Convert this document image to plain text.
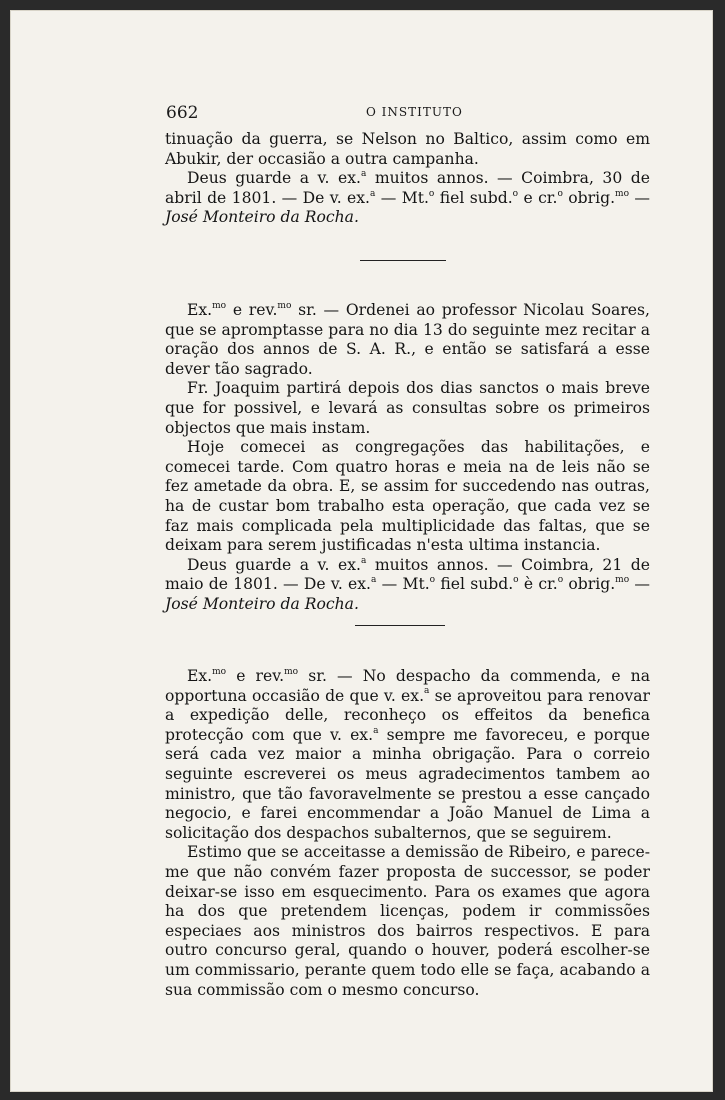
662	O INSTITUTO

tinuação da guerra, se Nelson no Baltico, assim como em Abukir, der occasião a outra campanha.

Deus guarde a v. ex.$^a$ muitos annos. — Coimbra, 30 de abril de 1801. — De v. ex.$^a$ — Mt.$^o$ fiel subd.$^o$ e cr.$^o$ obrig.$^{mo}$ — José Monteiro da Rocha.

Ex.$^{mo}$ e rev.$^{mo}$ sr. — Ordenei ao professor Nicolau Soares, que se apromptasse para no dia 13 do seguinte mez recitar a oração dos annos de S. A. R., e então se satisfará a esse dever tão sagrado.

Fr. Joaquim partirá depois dos dias sanctos o mais breve que for possivel, e levará as consultas sobre os primeiros objectos que mais instam.

Hoje comecei as congregações das habilitações, e comecei tarde. Com quatro horas e meia na de leis não se fez ametade da obra. E, se assim for succedendo nas outras, ha de custar bom trabalho esta operação, que cada vez se faz mais complicada pela multiplicidade das faltas, que se deixam para serem justificadas n'esta ultima instancia.

Deus guarde a v. ex.$^a$ muitos annos. — Coimbra, 21 de maio de 1801. — De v. ex.$^a$ — Mt.$^o$ fiel subd.$^o$ è cr.$^o$ obrig.$^{mo}$ — José Monteiro da Rocha.

Ex.$^{mo}$ e rev.$^{mo}$ sr. — No despacho da commenda, e na opportuna occasião de que v. ex.$^a$ se aproveitou para renovar a expedição delle, reconheço os effeitos da benefica protecção com que v. ex.$^a$ sempre me favoreceu, e porque será cada vez maior a minha obrigação. Para o correio seguinte escreverei os meus agradecimentos tambem ao ministro, que tão favoravelmente se prestou a esse cançado negocio, e farei encommendar a João Manuel de Lima a solicitação dos despachos subalternos, que se seguirem.

Estimo que se acceitasse a demissão de Ribeiro, e parece-me que não convém fazer proposta de successor, se poder deixar-se isso em esquecimento. Para os exames que agora ha dos que pretendem licenças, podem ir commissões especiaes aos ministros dos bairros respectivos. E para outro concurso geral, quando o houver, poderá escolher-se um commissario, perante quem todo elle se faça, acabando a sua commissão com o mesmo concurso.
